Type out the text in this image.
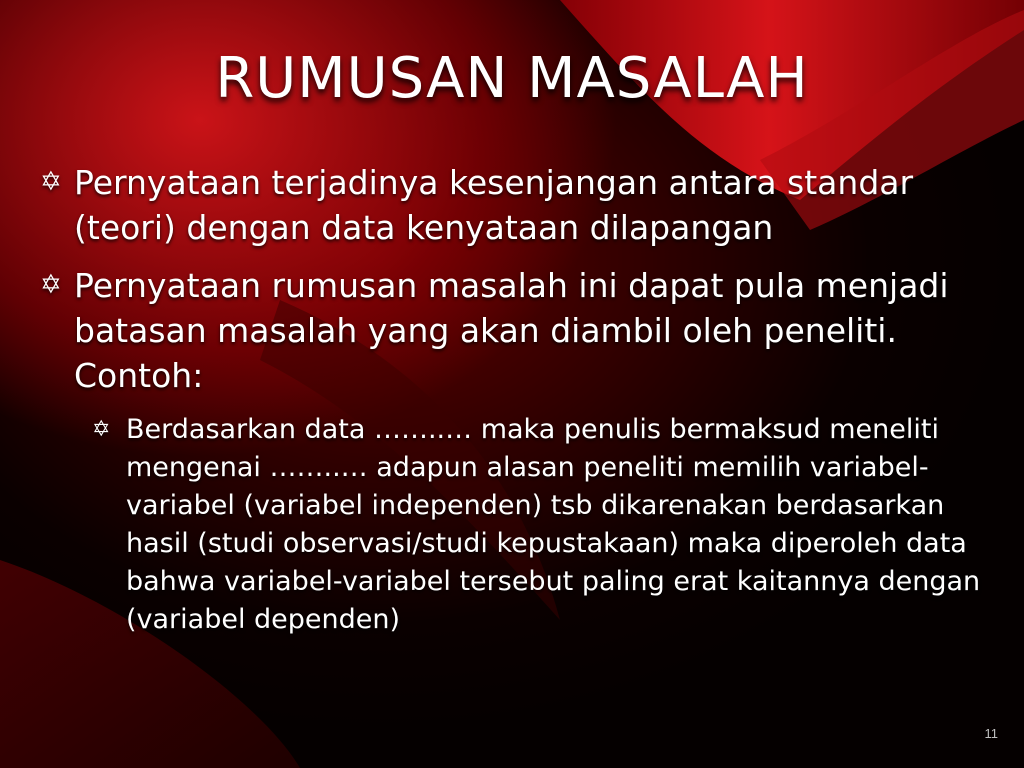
RUMUSAN MASALAH
✡ Pernyataan terjadinya kesenjangan antara standar (teori) dengan data kenyataan dilapangan
✡ Pernyataan rumusan masalah ini dapat pula menjadi batasan masalah yang akan diambil oleh peneliti. Contoh:
✡ Berdasarkan data ……..… maka penulis bermaksud meneliti mengenai ……..… adapun alasan peneliti memilih variabel-variabel (variabel independen) tsb dikarenakan berdasarkan hasil (studi observasi/studi kepustakaan) maka diperoleh data bahwa variabel-variabel tersebut paling erat kaitannya dengan (variabel dependen)
11
